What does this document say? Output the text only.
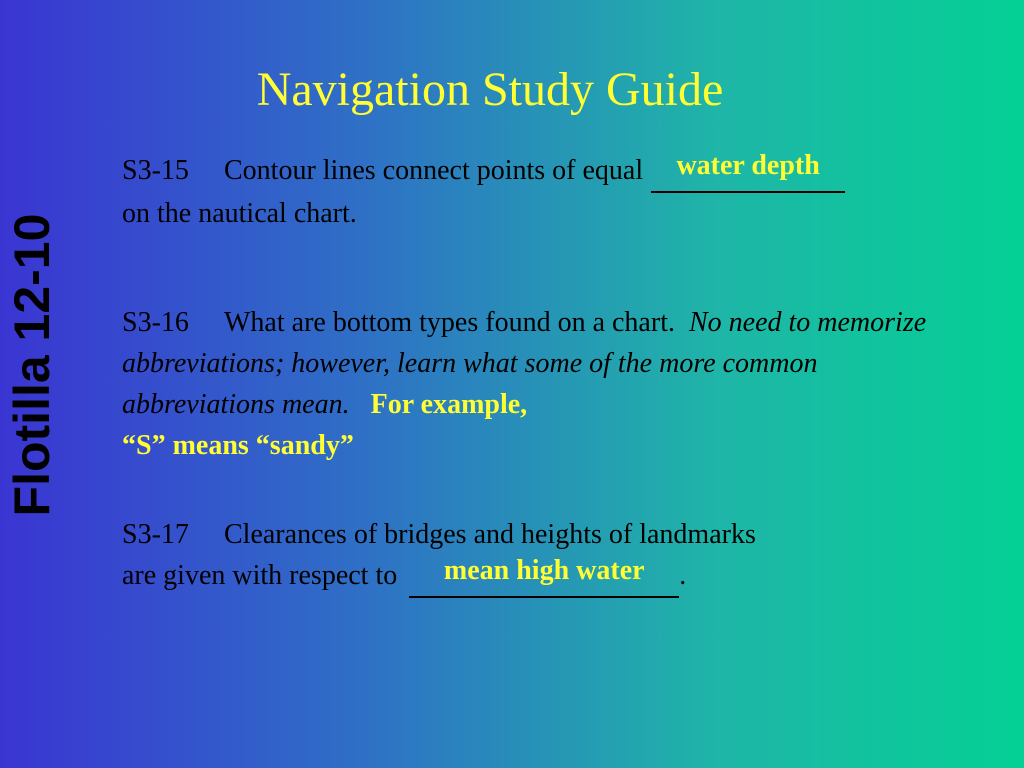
Flotilla 12-10
Navigation Study Guide
S3-15 Contour lines connect points of equal	water depth
on the nautical chart.
S3-16 What are bottom types found on a chart. No need to memorize abbreviations; however, learn what some of the more common abbreviations mean. For example,
“S” means “sandy”
S3-17 Clearances of bridges and heights of landmarks
are given with respect to	mean high water	.
